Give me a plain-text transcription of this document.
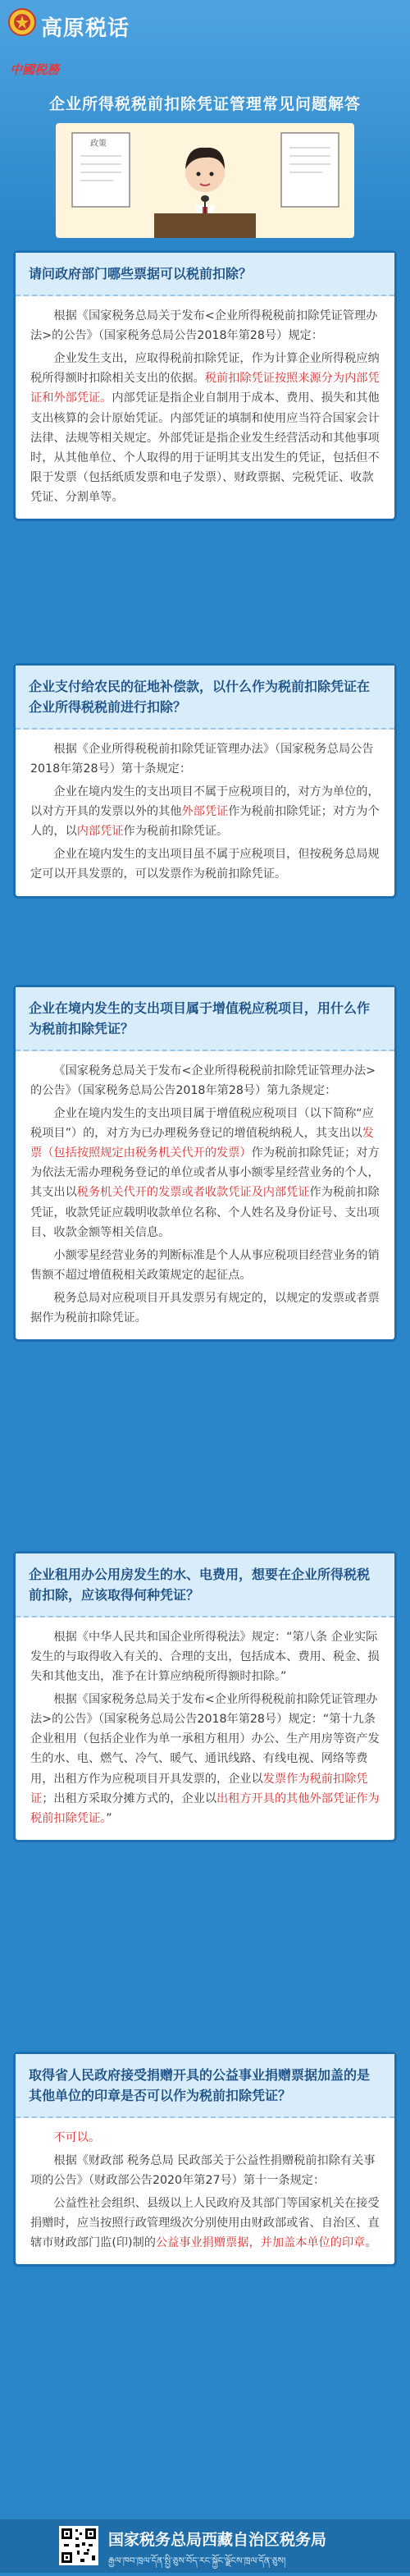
高原税话
中國税務
企业所得税税前扣除凭证管理常见问题解答
政策
请问政府部门哪些票据可以税前扣除？

根据《国家税务总局关于发布<企业所得税税前扣除凭证管理办法>的公告》（国家税务总局公告2018年第28号）规定：

企业发生支出，应取得税前扣除凭证，作为计算企业所得税应纳税所得额时扣除相关支出的依据。税前扣除凭证按照来源分为内部凭证和外部凭证。内部凭证是指企业自制用于成本、费用、损失和其他支出核算的会计原始凭证。内部凭证的填制和使用应当符合国家会计法律、法规等相关规定。外部凭证是指企业发生经营活动和其他事项时，从其他单位、个人取得的用于证明其支出发生的凭证，包括但不限于发票（包括纸质发票和电子发票）、财政票据、完税凭证、收款凭证、分割单等。

企业支付给农民的征地补偿款，以什么作为税前扣除凭证在企业所得税税前进行扣除？

根据《企业所得税税前扣除凭证管理办法》（国家税务总局公告2018年第28号）第十条规定：

企业在境内发生的支出项目不属于应税项目的，对方为单位的，以对方开具的发票以外的其他外部凭证作为税前扣除凭证；对方为个人的，以内部凭证作为税前扣除凭证。

企业在境内发生的支出项目虽不属于应税项目，但按税务总局规定可以开具发票的，可以发票作为税前扣除凭证。

企业在境内发生的支出项目属于增值税应税项目，用什么作为税前扣除凭证？

《国家税务总局关于发布<企业所得税税前扣除凭证管理办法>的公告》（国家税务总局公告2018年第28号）第九条规定：

企业在境内发生的支出项目属于增值税应税项目（以下简称“应税项目”）的，对方为已办理税务登记的增值税纳税人，其支出以发票（包括按照规定由税务机关代开的发票）作为税前扣除凭证；对方为依法无需办理税务登记的单位或者从事小额零星经营业务的个人，其支出以税务机关代开的发票或者收款凭证及内部凭证作为税前扣除凭证，收款凭证应载明收款单位名称、个人姓名及身份证号、支出项目、收款金额等相关信息。

小额零星经营业务的判断标准是个人从事应税项目经营业务的销售额不超过增值税相关政策规定的起征点。

税务总局对应税项目开具发票另有规定的，以规定的发票或者票据作为税前扣除凭证。

企业租用办公用房发生的水、电费用，想要在企业所得税税前扣除，应该取得何种凭证？

根据《中华人民共和国企业所得税法》规定：“第八条 企业实际发生的与取得收入有关的、合理的支出，包括成本、费用、税金、损失和其他支出，准予在计算应纳税所得额时扣除。”

根据《国家税务总局关于发布<企业所得税税前扣除凭证管理办法>的公告》（国家税务总局公告2018年第28号）规定：“第十九条 企业租用（包括企业作为单一承租方租用）办公、生产用房等资产发生的水、电、燃气、冷气、暖气、通讯线路、有线电视、网络等费用，出租方作为应税项目开具发票的，企业以发票作为税前扣除凭证；出租方采取分摊方式的，企业以出租方开具的其他外部凭证作为税前扣除凭证。”

取得省人民政府接受捐赠开具的公益事业捐赠票据加盖的是其他单位的印章是否可以作为税前扣除凭证？

不可以。

根据《财政部 税务总局 民政部关于公益性捐赠税前扣除有关事项的公告》（财政部公告2020年第27号）第十一条规定：

公益性社会组织、县级以上人民政府及其部门等国家机关在接受捐赠时，应当按照行政管理级次分别使用由财政部或省、自治区、直辖市财政部门监(印)制的公益事业捐赠票据，并加盖本单位的印章。

国家税务总局西藏自治区税务局
རྒྱལ་ཁབ་ཁྲལ་དོན་སྤྱི་ཅུས་བོད་རང་སྐྱོང་ལྗོངས་ཁྲལ་དོན་ཅུས།
